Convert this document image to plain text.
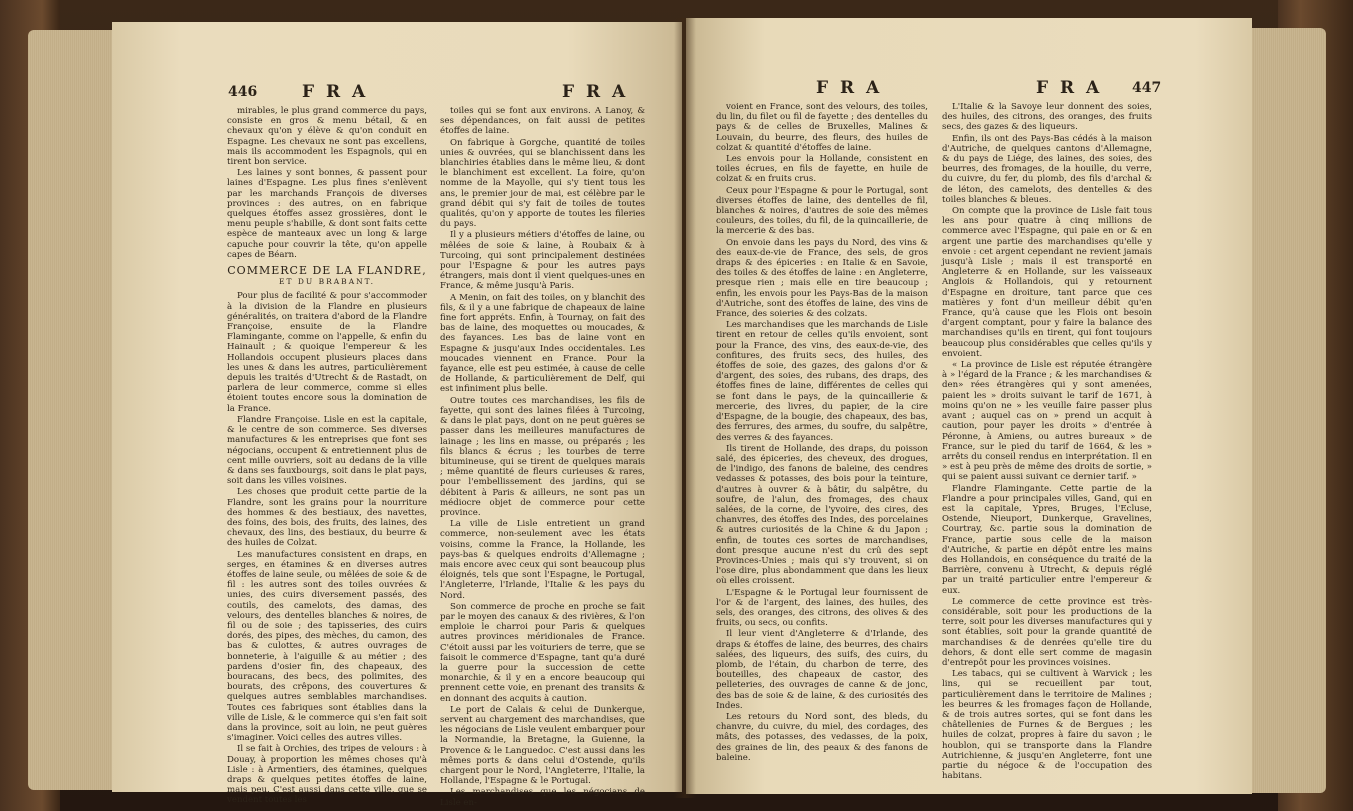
446	F R A	F R A

mirables, le plus grand commerce du pays, consiste en gros & menu bétail, & en chevaux qu'on y élève & qu'on conduit en Espagne. Les chevaux ne sont pas excellens, mais ils accommodent les Espagnols, qui en tirent bon service.

Les laines y sont bonnes, & passent pour laines d'Espagne. Les plus fines s'enlèvent par les marchands François de diverses provinces : des autres, on en fabrique quelques étoffes assez grossières, dont le menu peuple s'habille, & dont sont faits cette espèce de manteaux avec un long & large capuche pour couvrir la tête, qu'on appelle capes de Béarn.

COMMERCE DE LA FLANDRE,

ET DU BRABANT.

Pour plus de facilité & pour s'accommoder à la division de la Flandre en plusieurs généralités, on traitera d'abord de la Flandre Françoise, ensuite de la Flandre Flamingante, comme on l'appelle, & enfin du Hainault ; & quoique l'empereur & les Hollandois occupent plusieurs places dans les unes & dans les autres, particulièrement depuis les traités d'Utrecht & de Rastadt, on parlera de leur commerce, comme si elles étoient toutes encore sous la domination de la France.

Flandre Françoise. Lisle en est la capitale, & le centre de son commerce. Ses diverses manufactures & les entreprises que font ses négocians, occupent & entretiennent plus de cent mille ouvriers, soit au dedans de la ville & dans ses fauxbourgs, soit dans le plat pays, soit dans les villes voisines.

Les choses que produit cette partie de la Flandre, sont les grains pour la nourriture des hommes & des bestiaux, des navettes, des foins, des bois, des fruits, des laines, des chevaux, des lins, des bestiaux, du beurre & des huiles de Colzat.

Les manufactures consistent en draps, en serges, en étamines & en diverses autres étoffes de laine seule, ou mêlées de soie & de fil : les autres sont des toiles ouvrées & unies, des cuirs diversement passés, des coutils, des camelots, des damas, des velours, des dentelles blanches & noires, de fil ou de soie ; des tapisseries, des cuirs dorés, des pipes, des mèches, du camon, des bas & culottes, & autres ouvrages de bonneterie, à l'aiguille & au métier ; des pardens d'osier fin, des chapeaux, des bouracans, des becs, des polimites, des bourats, des crêpons, des couvertures & quelques autres semblables marchandises. Toutes ces fabriques sont établies dans la ville de Lisle, & le commerce qui s'en fait soit dans la province, soit au loin, ne peut guères s'imaginer. Voici celles des autres villes.

Il se fait à Orchies, des tripes de velours : à Douay, à proportion les mêmes choses qu'à Lisle : à Armentiers, des étamines, quelques draps & quelques petites étoffes de laine, mais peu. C'est aussi dans cette ville, que se vendent toutes les

toiles qui se font aux environs. A Lanoy, & ses dépendances, on fait aussi de petites étoffes de laine.

On fabrique à Gorgche, quantité de toiles unies & ouvrées, qui se blanchissent dans les blanchiries établies dans le même lieu, & dont le blanchiment est excellent. La foire, qu'on nomme de la Mayolle, qui s'y tient tous les ans, le premier jour de mai, est célèbre par le grand débit qui s'y fait de toiles de toutes qualités, qu'on y apporte de toutes les fileries du pays.

Il y a plusieurs métiers d'étoffes de laine, ou mêlées de soie & laine, à Roubaix & à Turcoing, qui sont principalement destinées pour l'Espagne & pour les autres pays étrangers, mais dont il vient quelques-unes en France, & même jusqu'à Paris.

A Menin, on fait des toiles, on y blanchit des fils, & il y a une fabrique de chapeaux de laine fine fort appréts. Enfin, à Tournay, on fait des bas de laine, des moquettes ou moucades, & des fayances. Les bas de laine vont en Espagne & jusqu'aux Indes occidentales. Les moucades viennent en France. Pour la fayance, elle est peu estimée, à cause de celle de Hollande, & particulièrement de Delf, qui est infiniment plus belle.

Outre toutes ces marchandises, les fils de fayette, qui sont des laines filées à Turcoing, & dans le plat pays, dont on ne peut guères se passer dans les meilleures manufactures de lainage ; les lins en masse, ou préparés ; les fils blancs & écrus ; les tourbes de terre bitumineuse, qui se tirent de quelques marais ; même quantité de fleurs curieuses & rares, pour l'embellissement des jardins, qui se débitent à Paris & ailleurs, ne sont pas un médiocre objet de commerce pour cette province.

La ville de Lisle entretient un grand commerce, non-seulement avec les états voisins, comme la France, la Hollande, les pays-bas & quelques endroits d'Allemagne ; mais encore avec ceux qui sont beaucoup plus éloignés, tels que sont l'Espagne, le Portugal, l'Angleterre, l'Irlande, l'Italie & les pays du Nord.

Son commerce de proche en proche se fait par le moyen des canaux & des rivières, & l'on emploie le charroi pour Paris & quelques autres provinces méridionales de France. C'étoit aussi par les voituriers de terre, que se faisoit le commerce d'Espagne, tant qu'a duré la guerre pour la succession de cette monarchie, & il y en a encore beaucoup qui prennent cette voie, en prenant des transits & en donnant des acquits à caution.

Le port de Calais & celui de Dunkerque, servent au chargement des marchandises, que les négocians de Lisle veulent embarquer pour la Normandie, la Bretagne, la Guienne, la Provence & le Languedoc. C'est aussi dans les mêmes ports & dans celui d'Ostende, qu'ils chargent pour le Nord, l'Angleterre, l'Italie, la Hollande, l'Espagne & le Portugal.

Les marchandises que les négocians de Lisle en-

F R A	F R A 447

voient en France, sont des velours, des toiles, du lin, du filet ou fil de fayette ; des dentelles du pays & de celles de Bruxelles, Malines & Louvain, du beurre, des fleurs, des huiles de colzat & quantité d'étoffes de laine.

Les envois pour la Hollande, consistent en toiles écrues, en fils de fayette, en huile de colzat & en fruits crus.

Ceux pour l'Espagne & pour le Portugal, sont diverses étoffes de laine, des dentelles de fil, blanches & noires, d'autres de soie des mêmes couleurs, des toiles, du fil, de la quincaillerie, de la mercerie & des bas.

On envoie dans les pays du Nord, des vins & des eaux-de-vie de France, des sels, de gros draps & des épiceries : en Italie & en Savoie, des toiles & des étoffes de laine : en Angleterre, presque rien ; mais elle en tire beaucoup ; enfin, les envois pour les Pays-Bas de la maison d'Autriche, sont des étoffes de laine, des vins de France, des soieries & des colzats.

Les marchandises que les marchands de Lisle tirent en retour de celles qu'ils envoient, sont pour la France, des vins, des eaux-de-vie, des confitures, des fruits secs, des huiles, des étoffes de soie, des gazes, des galons d'or & d'argent, des soies, des rubans, des draps, des étoffes fines de laine, différentes de celles qui se font dans le pays, de la quincaillerie & mercerie, des livres, du papier, de la cire d'Espagne, de la bougie, des chapeaux, des bas, des ferrures, des armes, du soufre, du salpêtre, des verres & des fayances.

Ils tirent de Hollande, des draps, du poisson salé, des épiceries, des cheveux, des drogues, de l'indigo, des fanons de baleine, des cendres vedasses & potasses, des bois pour la teinture, d'autres à ouvrer & à bâtir, du salpêtre, du soufre, de l'alun, des fromages, des chaux salées, de la corne, de l'yvoire, des cires, des chanvres, des étoffes des Indes, des porcelaines & autres curiosités de la Chine & du Japon ; enfin, de toutes ces sortes de marchandises, dont presque aucune n'est du crû des sept Provinces-Unies ; mais qui s'y trouvent, si on l'ose dire, plus abondamment que dans les lieux où elles croissent.

L'Espagne & le Portugal leur fournissent de l'or & de l'argent, des laines, des huiles, des sels, des oranges, des citrons, des olives & des fruits, ou secs, ou confits.

Il leur vient d'Angleterre & d'Irlande, des draps & étoffes de laine, des beurres, des chairs salées, des liqueurs, des suifs, des cuirs, du plomb, de l'étain, du charbon de terre, des bouteilles, des chapeaux de castor, des pelleteries, des ouvrages de canne & de jonc, des bas de soie & de laine, & des curiosités des Indes.

Les retours du Nord sont, des bleds, du chanvre, du cuivre, du miel, des cordages, des mâts, des potasses, des vedasses, de la poix, des graines de lin, des peaux & des fanons de baleine.

L'Italie & la Savoye leur donnent des soies, des huiles, des citrons, des oranges, des fruits secs, des gazes & des liqueurs.

Enfin, ils ont des Pays-Bas cédés à la maison d'Autriche, de quelques cantons d'Allemagne, & du pays de Liége, des laines, des soies, des beurres, des fromages, de la houille, du verre, du cuivre, du fer, du plomb, des fils d'archal & de léton, des camelots, des dentelles & des toiles blanches & bleues.

On compte que la province de Lisle fait tous les ans pour quatre à cinq millions de commerce avec l'Espagne, qui paie en or & en argent une partie des marchandises qu'elle y envoie : cet argent cependant ne revient jamais jusqu'à Lisle ; mais il est transporté en Angleterre & en Hollande, sur les vaisseaux Anglois & Hollandois, qui y retournent d'Espagne en droiture, tant parce que ces matières y font d'un meilleur débit qu'en France, qu'à cause que les Flois ont besoin d'argent comptant, pour y faire la balance des marchandises qu'ils en tirent, qui font toujours beaucoup plus considérables que celles qu'ils y envoient.

« La province de Lisle est réputée étrangère à » l'égard de la France ; & les marchandises & den» rées étrangères qui y sont amenées, paient les » droits suivant le tarif de 1671, à moins qu'on ne » les veuille faire passer plus avant ; auquel cas on » prend un acquit à caution, pour payer les droits » d'entrée à Péronne, à Amiens, ou autres bureaux » de France, sur le pied du tarif de 1664, & les » arrêts du conseil rendus en interprétation. Il en » est à peu près de même des droits de sortie, » qui se paient aussi suivant ce dernier tarif. »

Flandre Flamingante. Cette partie de la Flandre a pour principales villes, Gand, qui en est la capitale, Ypres, Bruges, l'Ecluse, Ostende, Nieuport, Dunkerque, Gravelines, Courtray, &c. partie sous la domination de France, partie sous celle de la maison d'Autriche, & partie en dépôt entre les mains des Hollandois, en conséquence du traité de la Barrière, convenu à Utrecht, & depuis réglé par un traité particulier entre l'empereur & eux.

Le commerce de cette province est très-considérable, soit pour les productions de la terre, soit pour les diverses manufactures qui y sont établies, soit pour la grande quantité de marchandises & de denrées qu'elle tire du dehors, & dont elle sert comme de magasin d'entrepôt pour les provinces voisines.

Les tabacs, qui se cultivent à Warvick ; les lins, qui se recueillent par tout, particulièrement dans le territoire de Malines ; les beurres & les fromages façon de Hollande, & de trois autres sortes, qui se font dans les châtellenies de Furnes & de Bergues ; les huiles de colzat, propres à faire du savon ; le houblon, qui se transporte dans la Flandre Autrichienne, & jusqu'en Angleterre, font une partie du négoce & de l'occupation des habitans.
